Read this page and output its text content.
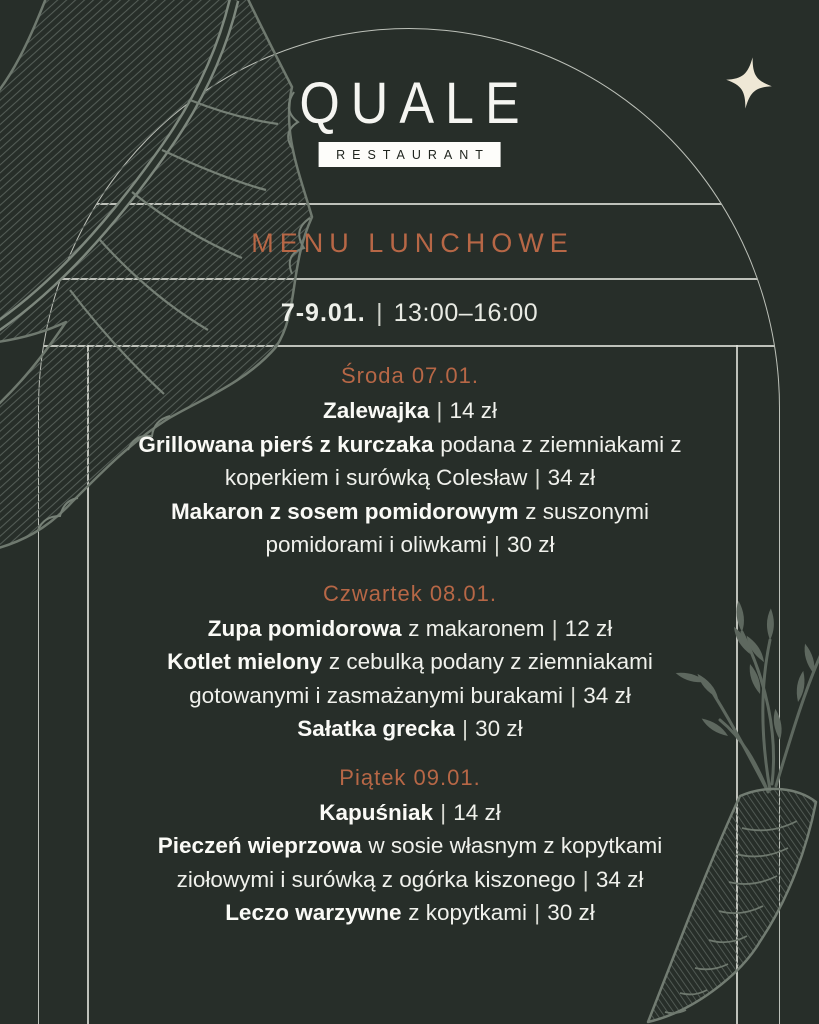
QUALE
RESTAURANT
MENU LUNCHOWE
7-9.01. | 13:00–16:00
Środa 07.01.

Zalewajka | 14 zł

Grillowana pierś z kurczaka podana z ziemniakami z koperkiem i surówką Colesław | 34 zł

Makaron z sosem pomidorowym z suszonymi pomidorami i oliwkami | 30 zł

Czwartek 08.01.

Zupa pomidorowa z makaronem | 12 zł

Kotlet mielony z cebulką podany z ziemniakami gotowanymi i zasmażanymi burakami | 34 zł

Sałatka grecka | 30 zł

Piątek 09.01.

Kapuśniak | 14 zł

Pieczeń wieprzowa w sosie własnym z kopytkami ziołowymi i surówką z ogórka kiszonego | 34 zł

Leczo warzywne z kopytkami | 30 zł
